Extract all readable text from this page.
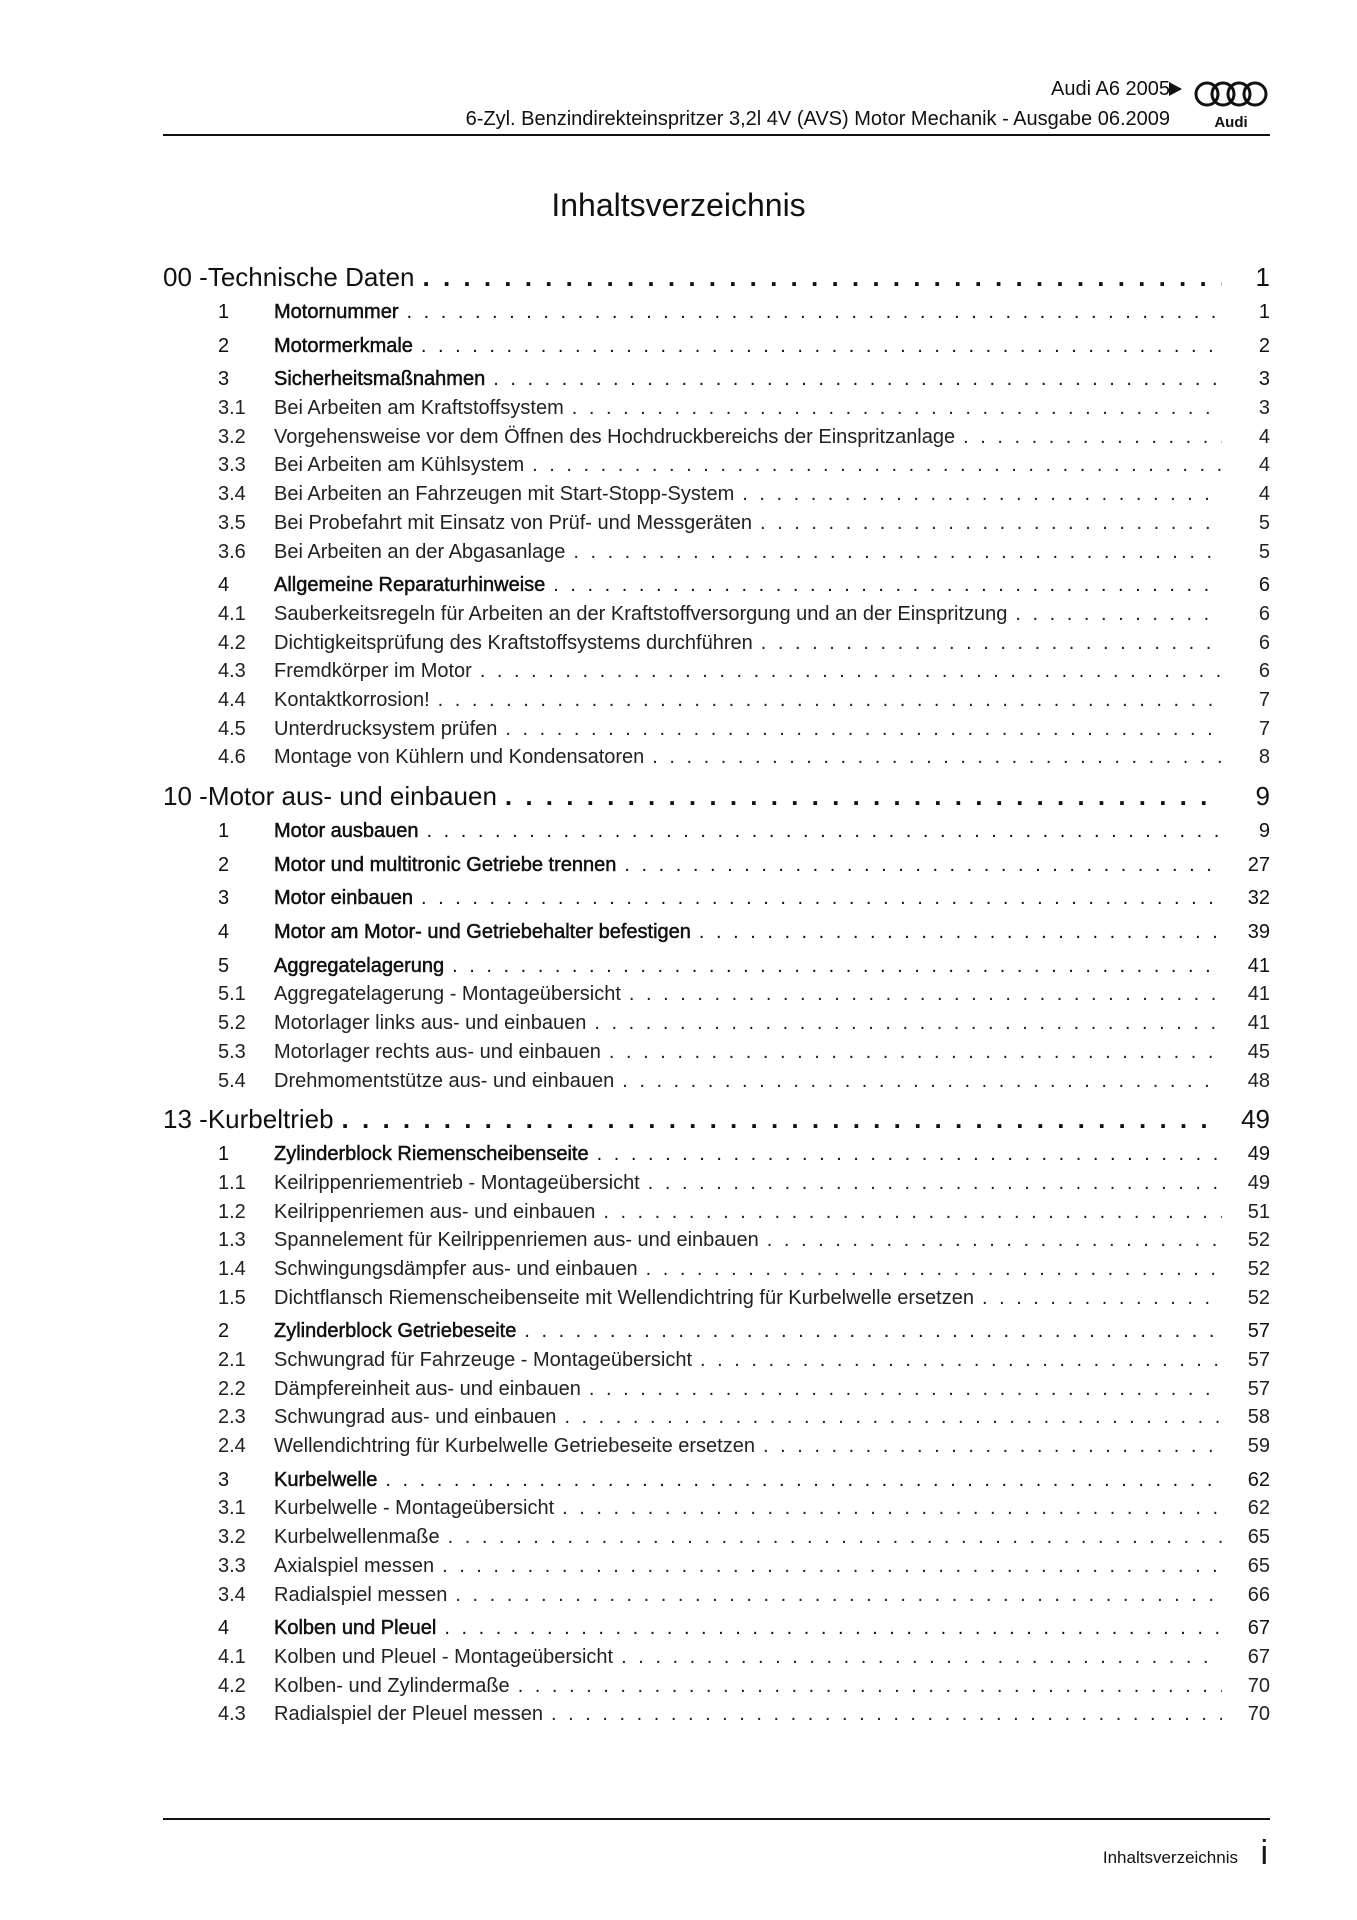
Audi A6 2005
6-Zyl. Benzindirekteinspritzer 3,2l 4V (AVS) Motor Mechanik - Ausgabe 06.2009	Audi
Inhaltsverzeichnis
00 - Technische Daten . . .	1
1	Motornummer . . .	1
2	Motormerkmale . . .	2
3	Sicherheitsmaßnahmen . . .	3
3.1	Bei Arbeiten am Kraftstoffsystem . . .	3
3.2	Vorgehensweise vor dem Öffnen des Hochdruckbereichs der Einspritzanlage . . .	4
3.3	Bei Arbeiten am Kühlsystem . . .	4
3.4	Bei Arbeiten an Fahrzeugen mit Start-Stopp-System . . .	4
3.5	Bei Probefahrt mit Einsatz von Prüf- und Messgeräten . . .	5
3.6	Bei Arbeiten an der Abgasanlage . . .	5
4	Allgemeine Reparaturhinweise . . .	6
4.1	Sauberkeitsregeln für Arbeiten an der Kraftstoffversorgung und an der Einspritzung . . .	6
4.2	Dichtigkeitsprüfung des Kraftstoffsystems durchführen . . .	6
4.3	Fremdkörper im Motor . . .	6
4.4	Kontaktkorrosion! . . .	7
4.5	Unterdrucksystem prüfen . . .	7
4.6	Montage von Kühlern und Kondensatoren . . .	8
10 - Motor aus- und einbauen . . .	9
1	Motor ausbauen . . .	9
2	Motor und multitronic Getriebe trennen . . .	27
3	Motor einbauen . . .	32
4	Motor am Motor- und Getriebehalter befestigen . . .	39
5	Aggregatelagerung . . .	41
5.1	Aggregatelagerung - Montageübersicht . . .	41
5.2	Motorlager links aus- und einbauen . . .	41
5.3	Motorlager rechts aus- und einbauen . . .	45
5.4	Drehmomentstütze aus- und einbauen . . .	48
13 - Kurbeltrieb . . .	49
1	Zylinderblock Riemenscheibenseite . . .	49
1.1	Keilrippenriementrieb - Montageübersicht . . .	49
1.2	Keilrippenriemen aus- und einbauen . . .	51
1.3	Spannelement für Keilrippenriemen aus- und einbauen . . .	52
1.4	Schwingungsdämpfer aus- und einbauen . . .	52
1.5	Dichtflansch Riemenscheibenseite mit Wellendichtring für Kurbelwelle ersetzen . . .	52
2	Zylinderblock Getriebeseite . . .	57
2.1	Schwungrad für Fahrzeuge - Montageübersicht . . .	57
2.2	Dämpfereinheit aus- und einbauen . . .	57
2.3	Schwungrad aus- und einbauen . . .	58
2.4	Wellendichtring für Kurbelwelle Getriebeseite ersetzen . . .	59
3	Kurbelwelle . . .	62
3.1	Kurbelwelle - Montageübersicht . . .	62
3.2	Kurbelwellenmaße . . .	65
3.3	Axialspiel messen . . .	65
3.4	Radialspiel messen . . .	66
4	Kolben und Pleuel . . .	67
4.1	Kolben und Pleuel - Montageübersicht . . .	67
4.2	Kolben- und Zylindermaße . . .	70
4.3	Radialspiel der Pleuel messen . . .	70
Inhaltsverzeichnis i
